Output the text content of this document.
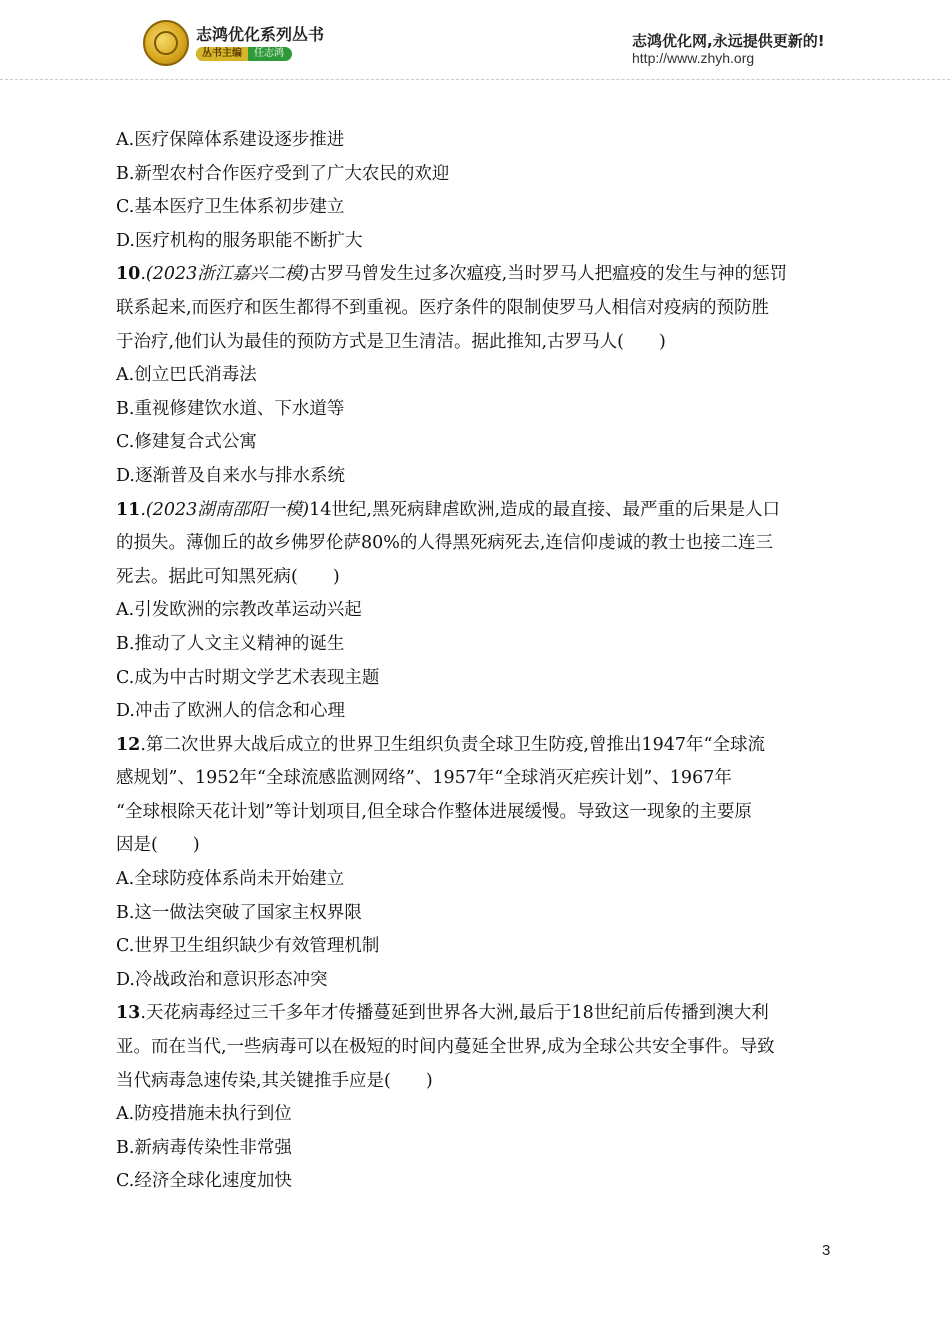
志鸿优化系列丛书
丛书主编	任志鸿
志鸿优化网,永远提供更新的!
http://www.zhyh.org
A.医疗保障体系建设逐步推进
B.新型农村合作医疗受到了广大农民的欢迎
C.基本医疗卫生体系初步建立
D.医疗机构的服务职能不断扩大
10.(2023浙江嘉兴二模)古罗马曾发生过多次瘟疫,当时罗马人把瘟疫的发生与神的惩罚
联系起来,而医疗和医生都得不到重视。医疗条件的限制使罗马人相信对疫病的预防胜
于治疗,他们认为最佳的预防方式是卫生清洁。据此推知,古罗马人(　　)
A.创立巴氏消毒法
B.重视修建饮水道、下水道等
C.修建复合式公寓
D.逐渐普及自来水与排水系统
11.(2023湖南邵阳一模)14世纪,黑死病肆虐欧洲,造成的最直接、最严重的后果是人口
的损失。薄伽丘的故乡佛罗伦萨80%的人得黑死病死去,连信仰虔诚的教士也接二连三
死去。据此可知黑死病(　　)
A.引发欧洲的宗教改革运动兴起
B.推动了人文主义精神的诞生
C.成为中古时期文学艺术表现主题
D.冲击了欧洲人的信念和心理
12.第二次世界大战后成立的世界卫生组织负责全球卫生防疫,曾推出1947年“全球流
感规划”、1952年“全球流感监测网络”、1957年“全球消灭疟疾计划”、1967年
“全球根除天花计划”等计划项目,但全球合作整体进展缓慢。导致这一现象的主要原
因是(　　)
A.全球防疫体系尚未开始建立
B.这一做法突破了国家主权界限
C.世界卫生组织缺少有效管理机制
D.冷战政治和意识形态冲突
13.天花病毒经过三千多年才传播蔓延到世界各大洲,最后于18世纪前后传播到澳大利
亚。而在当代,一些病毒可以在极短的时间内蔓延全世界,成为全球公共安全事件。导致
当代病毒急速传染,其关键推手应是(　　)
A.防疫措施未执行到位
B.新病毒传染性非常强
C.经济全球化速度加快
3
